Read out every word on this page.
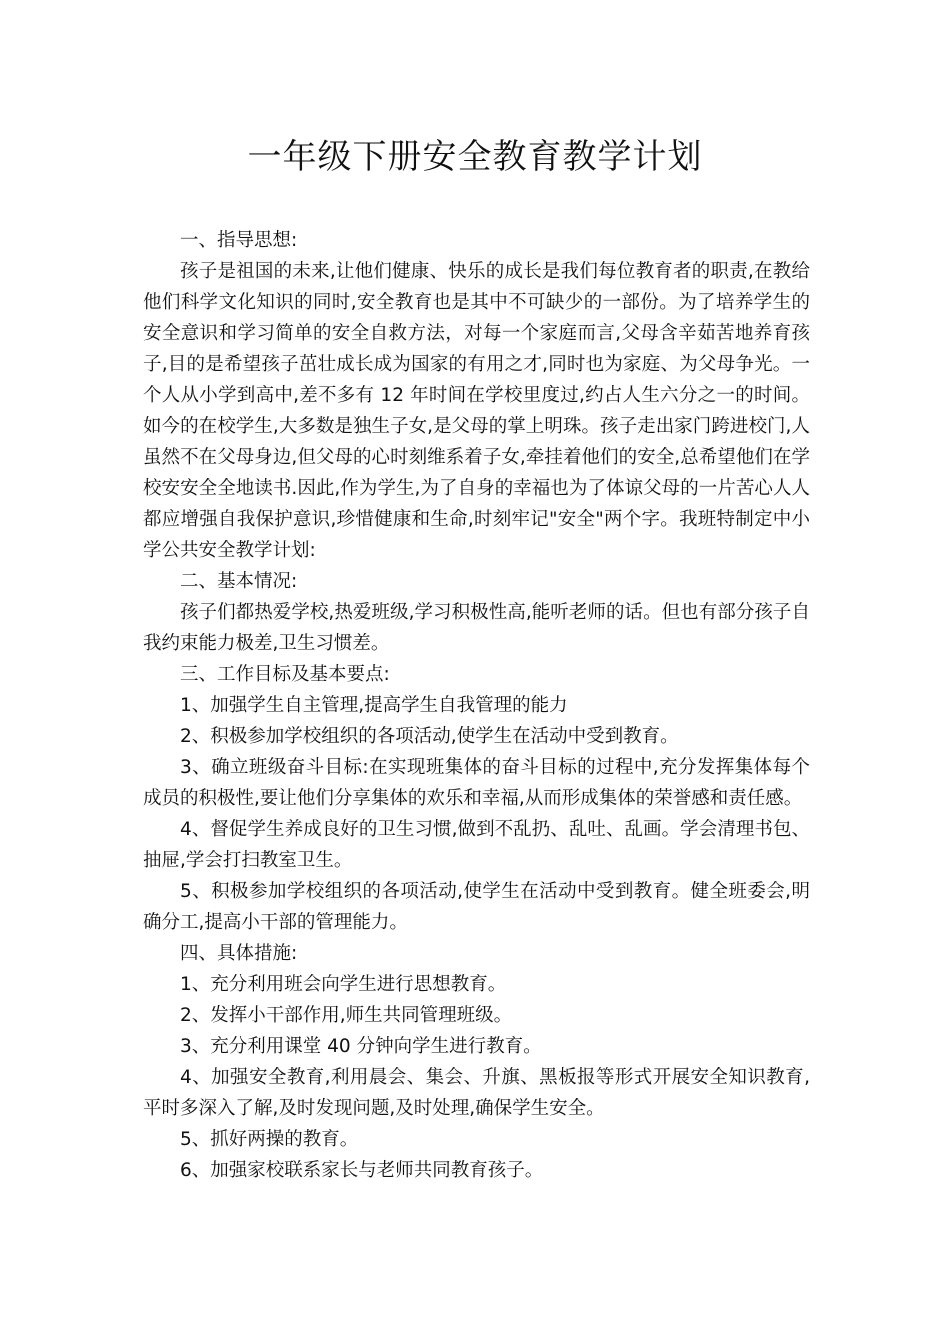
一年级下册安全教育教学计划

一、指导思想:

孩子是祖国的未来,让他们健康、快乐的成长是我们每位教育者的职责,在教给他们科学文化知识的同时,安全教育也是其中不可缺少的一部份。为了培养学生的安全意识和学习简单的安全自救方法，对每一个家庭而言,父母含辛茹苦地养育孩子,目的是希望孩子茁壮成长成为国家的有用之才,同时也为家庭、为父母争光。一个人从小学到高中,差不多有 12 年时间在学校里度过,约占人生六分之一的时间。如今的在校学生,大多数是独生子女,是父母的掌上明珠。孩子走出家门跨进校门,人虽然不在父母身边,但父母的心时刻维系着子女,牵挂着他们的安全,总希望他们在学校安安全全地读书.因此,作为学生,为了自身的幸福也为了体谅父母的一片苦心人人都应增强自我保护意识,珍惜健康和生命,时刻牢记"安全"两个字。我班特制定中小学公共安全教学计划:

二、基本情况:

孩子们都热爱学校,热爱班级,学习积极性高,能听老师的话。但也有部分孩子自我约束能力极差,卫生习惯差。

三、工作目标及基本要点:

1、加强学生自主管理,提高学生自我管理的能力

2、积极参加学校组织的各项活动,使学生在活动中受到教育。

3、确立班级奋斗目标:在实现班集体的奋斗目标的过程中,充分发挥集体每个成员的积极性,要让他们分享集体的欢乐和幸福,从而形成集体的荣誉感和责任感。

4、督促学生养成良好的卫生习惯,做到不乱扔、乱吐、乱画。学会清理书包、抽屉,学会打扫教室卫生。

5、积极参加学校组织的各项活动,使学生在活动中受到教育。健全班委会,明确分工,提高小干部的管理能力。

四、具体措施:

1、充分利用班会向学生进行思想教育。

2、发挥小干部作用,师生共同管理班级。

3、充分利用课堂 40 分钟向学生进行教育。

4、加强安全教育,利用晨会、集会、升旗、黑板报等形式开展安全知识教育,平时多深入了解,及时发现问题,及时处理,确保学生安全。

5、抓好两操的教育。

6、加强家校联系家长与老师共同教育孩子。
